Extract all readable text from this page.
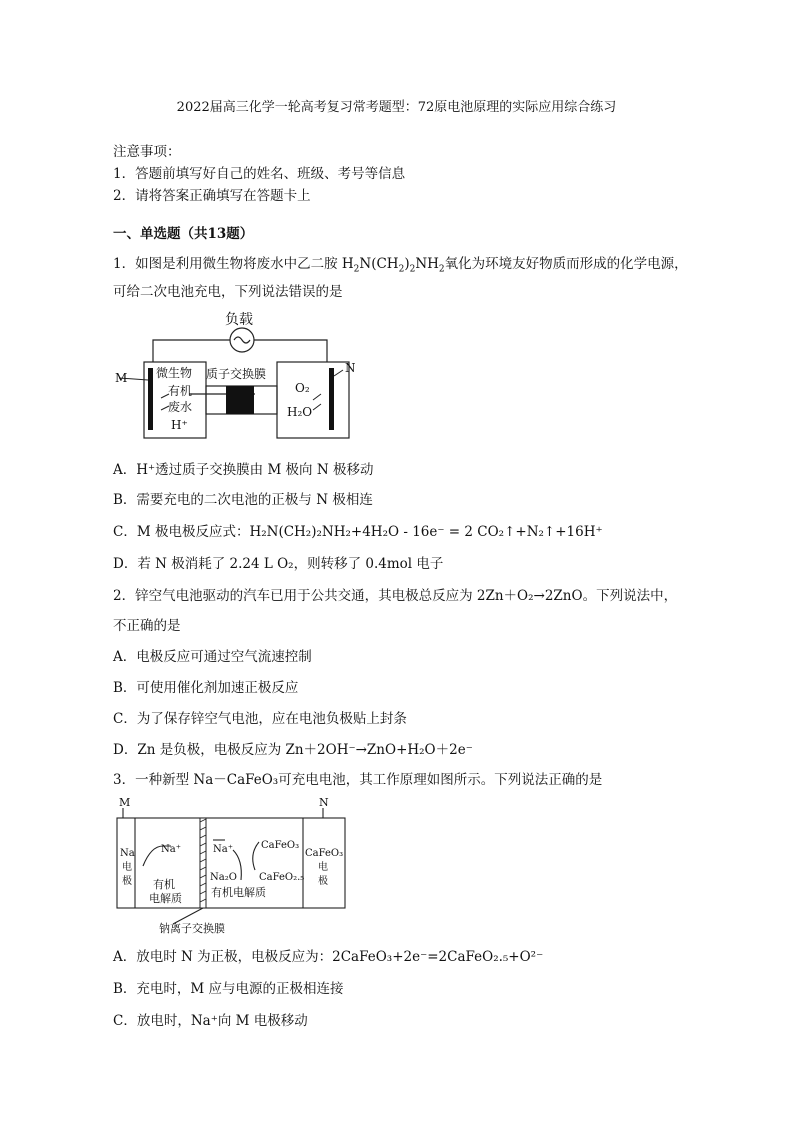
2022届高三化学一轮高考复习常考题型：72原电池原理的实际应用综合练习
注意事项：
1．答题前填写好自己的姓名、班级、考号等信息
2．请将答案正确填写在答题卡上
一、单选题（共13题）
1．如图是利用微生物将废水中乙二胺 $H_2N(CH_2)_2NH_2$氧化为环境友好物质而形成的化学电源，
可给二次电池充电，下列说法错误的是
负载
M
N
微生物
有机
废水
H⁺
质子交换膜
O₂
H₂O
A．H⁺透过质子交换膜由 M 极向 N 极移动
B．需要充电的二次电池的正极与 N 极相连
C．M 极电极反应式：H₂N(CH₂)₂NH₂+4H₂O - 16e⁻ = 2 CO₂↑+N₂↑+16H⁺
D．若 N 极消耗了 2.24 L O₂，则转移了 0.4mol 电子
2．锌空气电池驱动的汽车已用于公共交通，其电极总反应为 2Zn＋O₂→2ZnO。下列说法中，
不正确的是
A．电极反应可通过空气流速控制
B．可使用催化剂加速正极反应
C．为了保存锌空气电池，应在电池负极贴上封条
D．Zn 是负极，电极反应为 Zn＋2OH⁻→ZnO+H₂O＋2e⁻
3．一种新型 Na－CaFeO₃可充电电池，其工作原理如图所示。下列说法正确的是
M	N
Na
电
极
Na⁺
有机
电解质
Na⁺	CaFeO₃
Na₂O CaFeO₂.₅
有机电解质
CaFeO₃
电
极
钠离子交换膜
A．放电时 N 为正极，电极反应为：2CaFeO₃+2e⁻=2CaFeO₂.₅+O²⁻
B．充电时，M 应与电源的正极相连接
C．放电时，Na⁺向 M 电极移动
